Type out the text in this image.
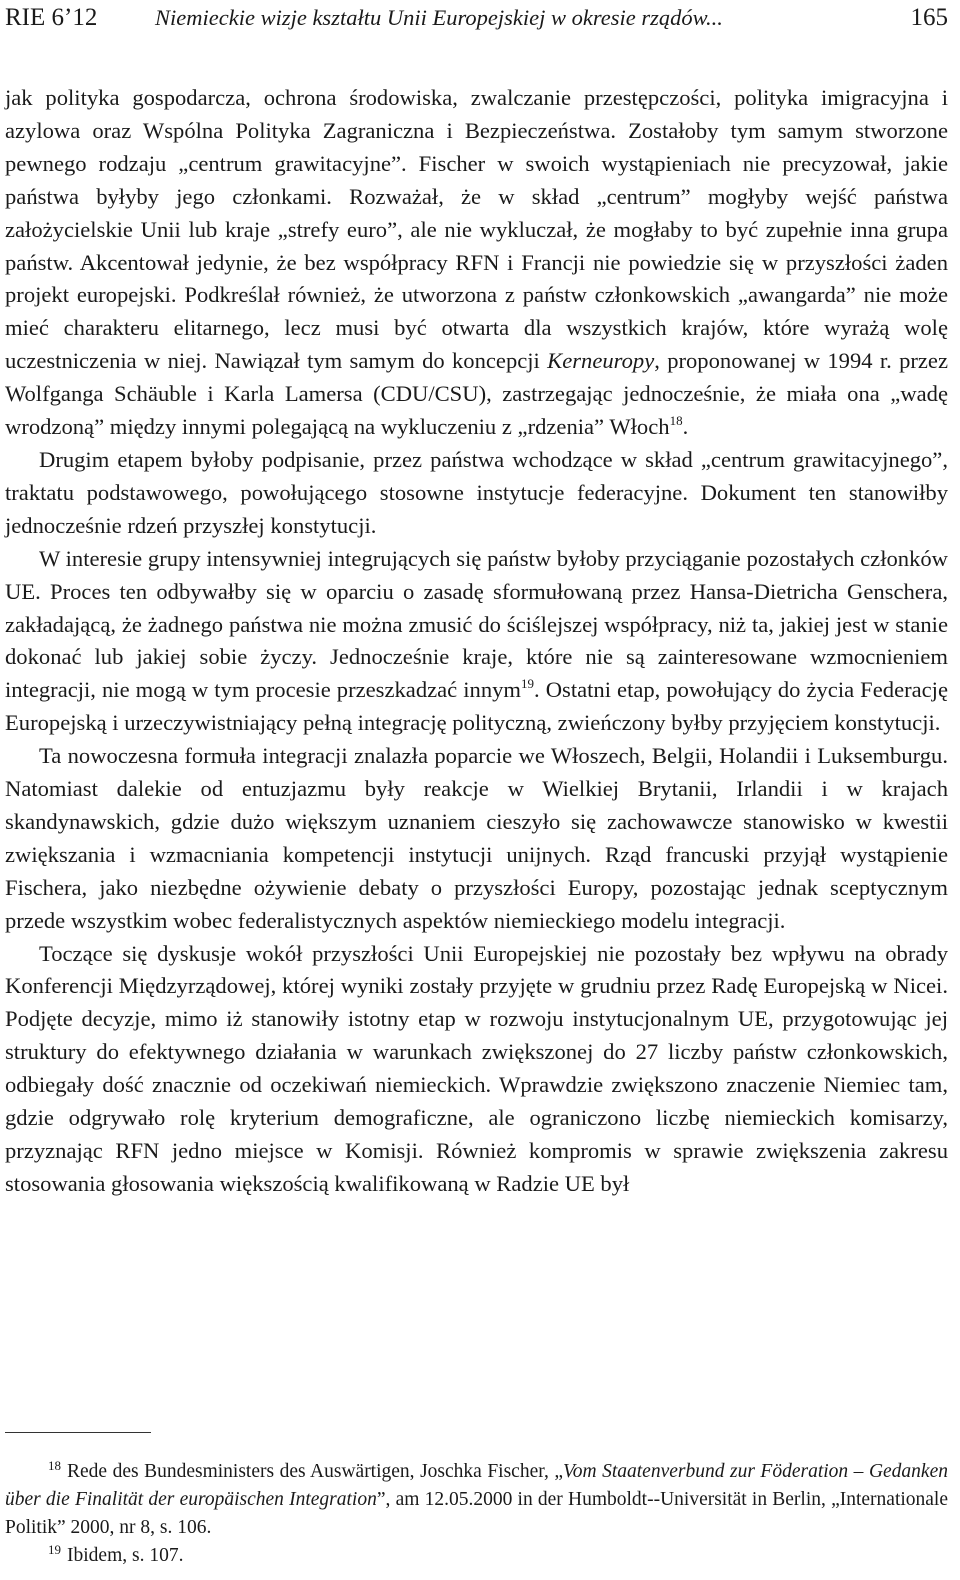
RIE 6’12	Niemieckie wizje kształtu Unii Europejskiej w okresie rządów...	165

jak polityka gospodarcza, ochrona środowiska, zwalczanie przestępczości, polityka imigracyjna i azylowa oraz Wspólna Polityka Zagraniczna i Bezpieczeństwa. Zostałoby tym samym stworzone pewnego rodzaju „centrum grawitacyjne”. Fischer w swoich wystąpieniach nie precyzował, jakie państwa byłyby jego członkami. Rozważał, że w skład „centrum” mogłyby wejść państwa założycielskie Unii lub kraje „strefy euro”, ale nie wykluczał, że mogłaby to być zupełnie inna grupa państw. Akcentował jedynie, że bez współpracy RFN i Francji nie powiedzie się w przyszłości żaden projekt europejski. Podkreślał również, że utworzona z państw członkowskich „awangarda” nie może mieć charakteru elitarnego, lecz musi być otwarta dla wszystkich krajów, które wyrażą wolę uczestniczenia w niej. Nawiązał tym samym do koncepcji Kerneuropy, proponowanej w 1994 r. przez Wolfganga Schäuble i Karla Lamersa (CDU/CSU), zastrzegając jednocześnie, że miała ona „wadę wrodzoną” między innymi polegającą na wykluczeniu z „rdzenia” Włoch$^{18}$.

Drugim etapem byłoby podpisanie, przez państwa wchodzące w skład „centrum grawitacyjnego”, traktatu podstawowego, powołującego stosowne instytucje federacyjne. Dokument ten stanowiłby jednocześnie rdzeń przyszłej konstytucji.

W interesie grupy intensywniej integrujących się państw byłoby przyciąganie pozostałych członków UE. Proces ten odbywałby się w oparciu o zasadę sformułowaną przez Hansa-Dietricha Genschera, zakładającą, że żadnego państwa nie można zmusić do ściślejszej współpracy, niż ta, jakiej jest w stanie dokonać lub jakiej sobie życzy. Jednocześnie kraje, które nie są zainteresowane wzmocnieniem integracji, nie mogą w tym procesie przeszkadzać innym$^{19}$. Ostatni etap, powołujący do życia Federację Europejską i urzeczywistniający pełną integrację polityczną, zwieńczony byłby przyjęciem konstytucji.

Ta nowoczesna formuła integracji znalazła poparcie we Włoszech, Belgii, Holandii i Luksemburgu. Natomiast dalekie od entuzjazmu były reakcje w Wielkiej Brytanii, Irlandii i w krajach skandynawskich, gdzie dużo większym uznaniem cieszyło się zachowawcze stanowisko w kwestii zwiększania i wzmacniania kompetencji instytucji unijnych. Rząd francuski przyjął wystąpienie Fischera, jako niezbędne ożywienie debaty o przyszłości Europy, pozostając jednak sceptycznym przede wszystkim wobec federalistycznych aspektów niemieckiego modelu integracji.

Toczące się dyskusje wokół przyszłości Unii Europejskiej nie pozostały bez wpływu na obrady Konferencji Międzyrządowej, której wyniki zostały przyjęte w grudniu przez Radę Europejską w Nicei. Podjęte decyzje, mimo iż stanowiły istotny etap w rozwoju instytucjonalnym UE, przygotowując jej struktury do efektywnego działania w warunkach zwiększonej do 27 liczby państw członkowskich, odbiegały dość znacznie od oczekiwań niemieckich. Wprawdzie zwiększono znaczenie Niemiec tam, gdzie odgrywało rolę kryterium demograficzne, ale ograniczono liczbę niemieckich komisarzy, przyznając RFN jedno miejsce w Komisji. Również kompromis w sprawie zwiększenia zakresu stosowania głosowania większością kwalifikowaną w Radzie UE był

$^{18}$ Rede des Bundesministers des Auswärtigen, Joschka Fischer, „Vom Staatenverbund zur Föderation – Gedanken über die Finalität der europäischen Integration”, am 12.05.2000 in der Humboldt--Universität in Berlin, „Internationale Politik” 2000, nr 8, s. 106.

$^{19}$ Ibidem, s. 107.
